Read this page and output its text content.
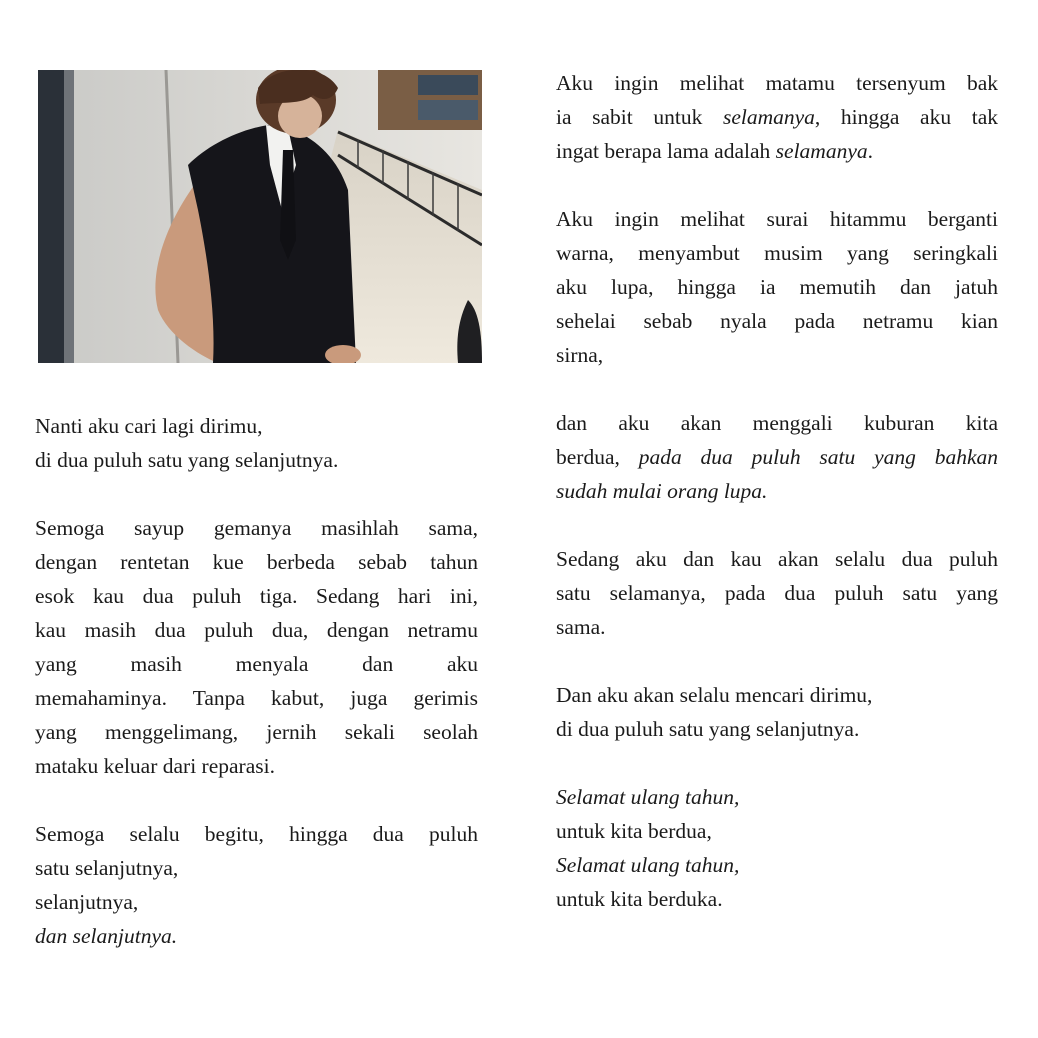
Nanti aku cari lagi dirimu,
di dua puluh satu yang selanjutnya.
Semoga sayup gemanya masihlah sama,
dengan rentetan kue berbeda sebab tahun
esok kau dua puluh tiga. Sedang hari ini,
kau masih dua puluh dua, dengan netramu
yang masih menyala dan aku
memahaminya. Tanpa kabut, juga gerimis
yang menggelimang, jernih sekali seolah
mataku keluar dari reparasi.
Semoga selalu begitu, hingga dua puluh
satu selanjutnya,
selanjutnya,
dan selanjutnya.
Aku ingin melihat matamu tersenyum bak
ia sabit untuk selamanya, hingga aku tak
ingat berapa lama adalah selamanya.
Aku ingin melihat surai hitammu berganti
warna, menyambut musim yang seringkali
aku lupa, hingga ia memutih dan jatuh
sehelai sebab nyala pada netramu kian
sirna,
dan aku akan menggali kuburan kita
berdua, pada dua puluh satu yang bahkan
sudah mulai orang lupa.
Sedang aku dan kau akan selalu dua puluh
satu selamanya, pada dua puluh satu yang
sama.
Dan aku akan selalu mencari dirimu,
di dua puluh satu yang selanjutnya.
Selamat ulang tahun,
untuk kita berdua,
Selamat ulang tahun,
untuk kita berduka.
